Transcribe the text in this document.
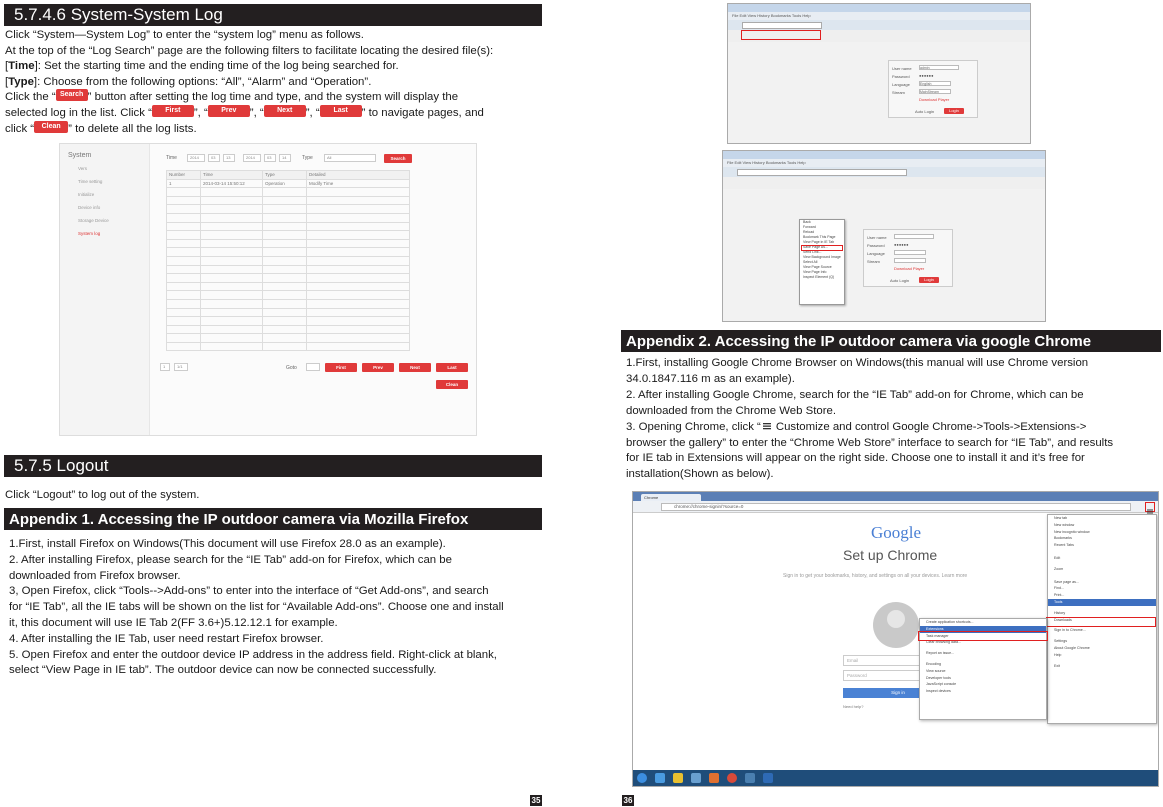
5.7.4.6 System-System Log
Click “System—System Log” to enter the “system log” menu as follows.
At the top of the “Log Search” page are the following filters to facilitate locating the desired file(s):
[Time]: Set the starting time and the ending time of the log being searched for.
[Type]: Choose from the following options: “All”, “Alarm” and “Operation”.
Click the “ Search ” button after setting the log time and type, and the system will display the
selected log in the list. Click “ First ”, “ Prev ”, “ Next ”, “ Last ” to navigate pages, and
click “ Clean ” to delete all the log lists.
System
Vers
Time setting
Initialize
Device info
Storage Device
System log
Time	2014	03	13	2014	03	14	Type	All	Search
Number	Time	Type	Detailed
1	2014-03-14 15:50:12	Operation	Modify Time

1	1/1	Goto	First	Prev	Next	Last
Clean
5.7.5 Logout
Click “Logout” to log out of the system.
Appendix 1. Accessing the IP outdoor camera via Mozilla Firefox
1.First, install Firefox on Windows(This document will use Firefox 28.0 as an example).
2. After installing Firefox, please search for the “IE Tab” add-on for Firefox, which can be
downloaded from Firefox browser.
3, Open Firefox, click “Tools-->Add-ons” to enter into the interface of “Get Add-ons”, and search
for “IE Tab”, all the IE tabs will be shown on the list for “Available Add-ons”. Choose one and install
it, this document will use IE Tab 2(FF 3.6+)5.12.12.1 for example.
4. After installing the IE Tab, user need restart Firefox browser.
5. Open Firefox and enter the outdoor device IP address in the address field. Right-click at blank,
select “View Page in IE tab”. The outdoor device can now be connected successfully.
35
File Edit View History Bookmarks Tools Help
User name admin
Password ●●●●●●
Language	English
Stream	MainStream
Download Player
Auto Login	Login
File Edit View History Bookmarks Tools Help
Back
Forward
Reload
Bookmark This Page
View Page in IE Tab
Save Page As...
Send Link...
View Background Image
Select All
View Page Source
View Page Info
Inspect Element (Q)
User name
Password ●●●●●●
Language
Stream
Download Player
Auto Login	Login
Appendix 2. Accessing the IP outdoor camera via google Chrome
1.First, installing Google Chrome Browser on Windows(this manual will use Chrome version
34.0.1847.116 m as an example).
2. After installing Google Chrome, search for the “IE Tab” add-on for Chrome, which can be
downloaded from the Chrome Web Store.
3. Opening Chrome, click “ Customize and control Google Chrome->Tools->Extensions->
browser the gallery” to enter the “Chrome Web Store” interface to search for “IE Tab”, and results
for IE tab in Extensions will appear on the right side. Choose one to install it and it’s free for
installation(Shown as below).
Chrome
chrome://chrome-signin/?source=0
Google
Set up Chrome
Sign in to get your bookmarks, history, and settings on all your devices. Learn more
Email
Password
Sign in
Need help?
New tab
New window
New incognito window
Bookmarks
Recent Tabs
Edit
Zoom
Save page as...
Find...
Print...
Tools
History
Downloads
Sign in to Chrome...
Settings
About Google Chrome
Help
Exit
Create application shortcuts...
Extensions
Task manager
Clear browsing data...
Report an issue...
Encoding
View source
Developer tools
JavaScript console
Inspect devices
36
